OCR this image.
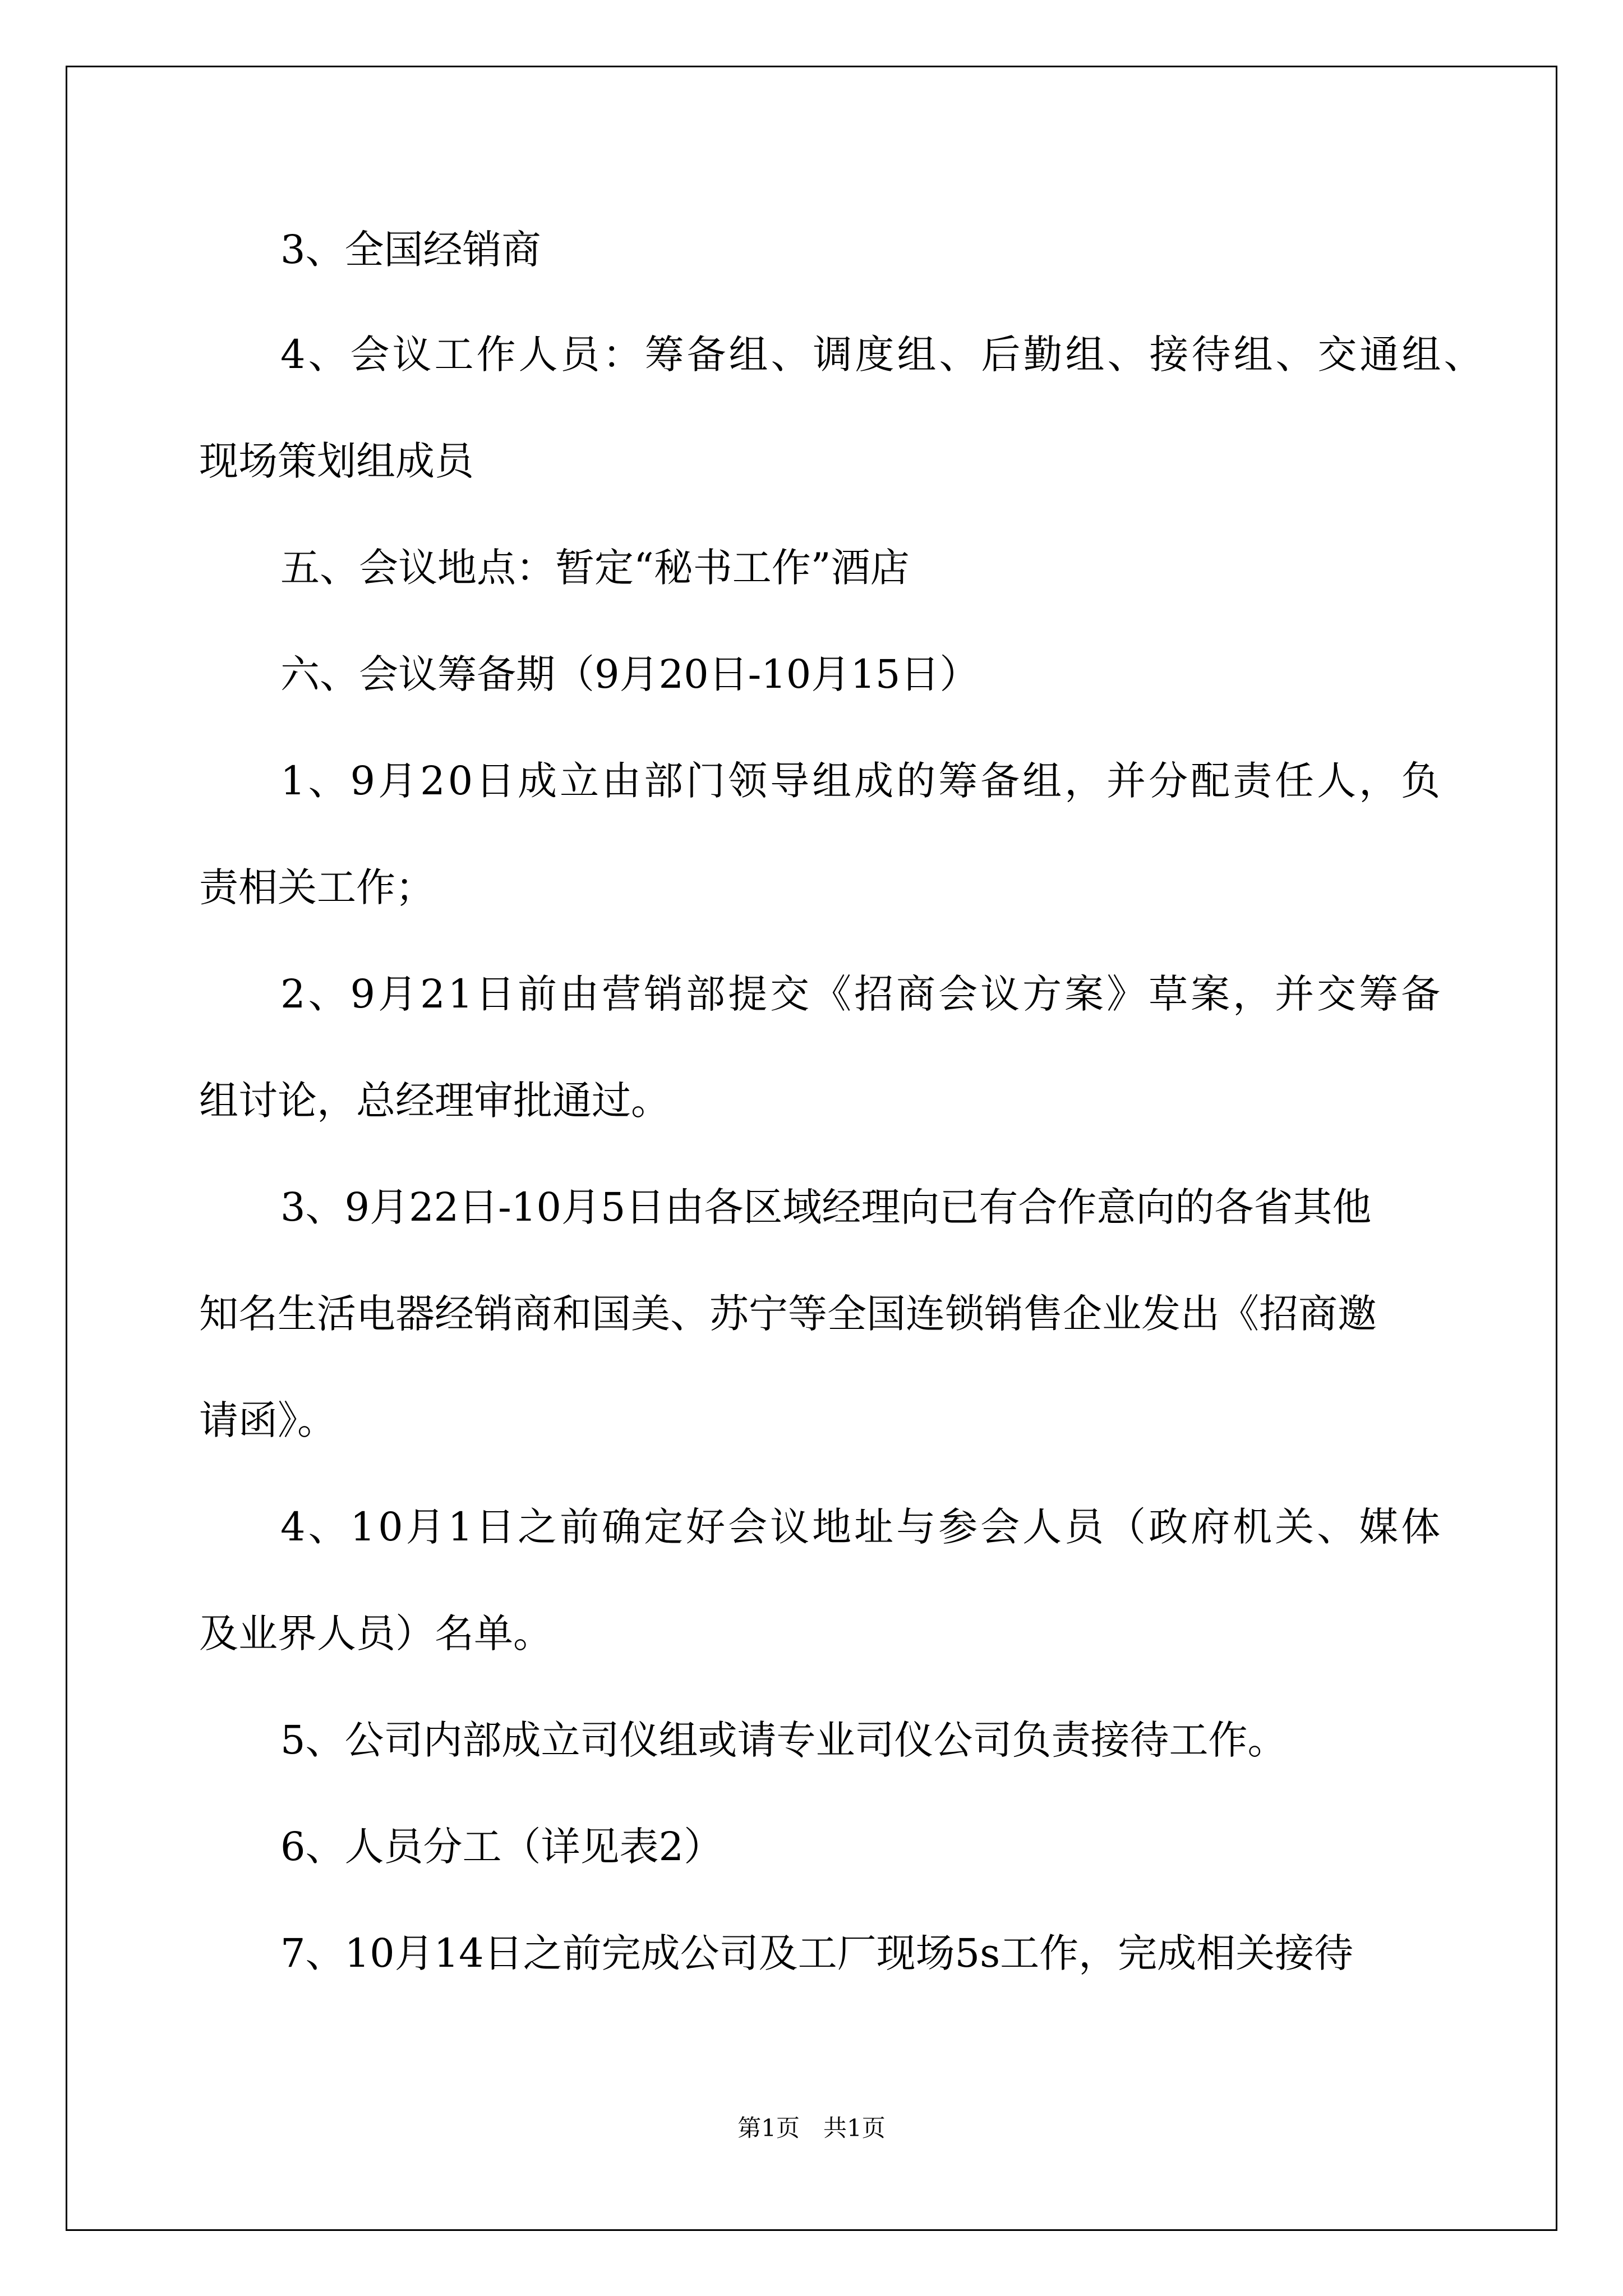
3、全国经销商
4、会议工作人员：筹备组、调度组、后勤组、接待组、交通组、
现场策划组成员
五、会议地点：暂定“秘书工作”酒店
六、会议筹备期（9月20日-10月15日）
1、9月20日成立由部门领导组成的筹备组，并分配责任人，负
责相关工作；
2、9月21日前由营销部提交《招商会议方案》草案，并交筹备
组讨论，总经理审批通过。
3、9月22日-10月5日由各区域经理向已有合作意向的各省其他
知名生活电器经销商和国美、苏宁等全国连锁销售企业发出《招商邀
请函》。
4、10月1日之前确定好会议地址与参会人员（政府机关、媒体
及业界人员）名单。
5、公司内部成立司仪组或请专业司仪公司负责接待工作。
6、人员分工（详见表2）
7、10月14日之前完成公司及工厂现场5s工作，完成相关接待
第1页　共1页
